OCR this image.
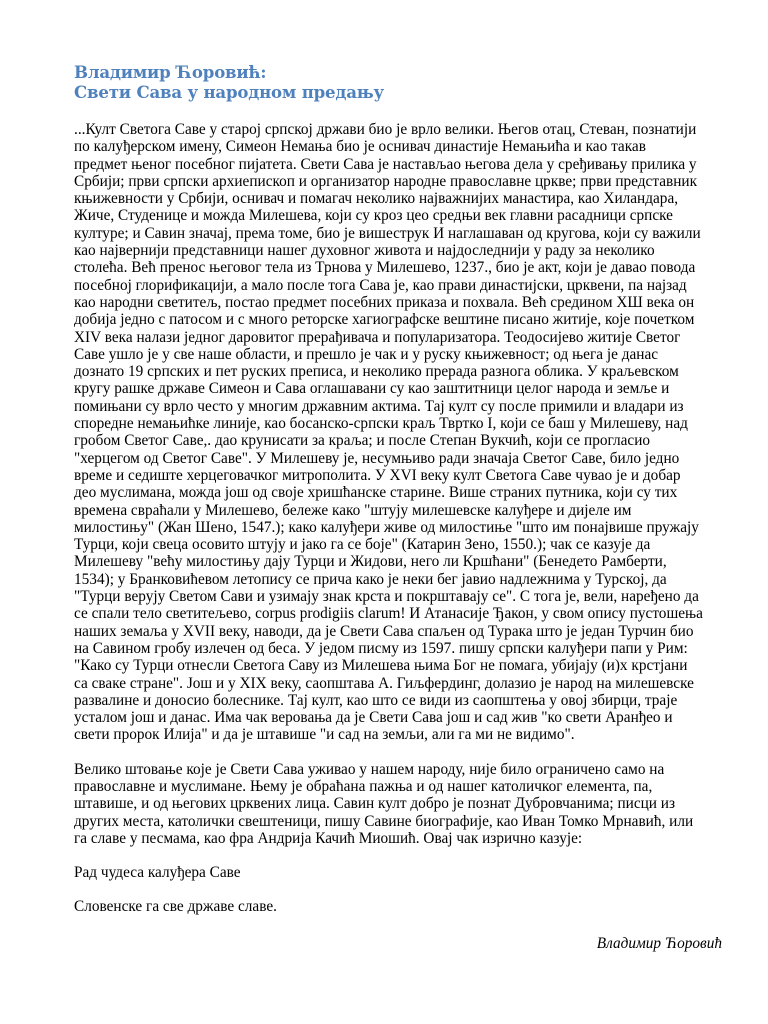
Владимир Ћоровић:
Свети Сава у народном предању

...Култ Светога Саве у старој српској држави био је врло велики. Његов отац, Стеван, познатији
по калуђерском имену, Симеон Немања био је оснивач династије Немањића и као такав
предмет њеног посебног пијатета. Свети Сава је настављао његова дела у сређивању прилика у
Србији; први српски архиепископ и организатор народне православне цркве; први представник
књижевности у Србији, оснивач и помагач неколико најважнијих манастира, као Хиландара,
Жиче, Студенице и можда Милешева, који су кроз цео средњи век главни расадници српске
културе; и Савин значај, према томе, био је вишеструк И наглашаван од кругова, који су важили
као највернији представници нашег духовног живота и најдоследнији у раду за неколико
столећа. Већ пренос његовог тела из Трнова у Милешево, 1237., био је акт, који је давао повода
посебној глорификацији, а мало после тога Сава је, као прави династијски, црквени, па најзад
као народни светитељ, постао предмет посебних приказа и похвала. Већ средином ХШ века он
добија једно с патосом и с много реторске хагиографске вештине писано житије, које почетком
XIV века налази једног даровитог прерађивача и популаризатора. Теодосијево житије Светог
Саве ушло је у све наше области, и прешло је чак и у руску књижевност; од њега је данас
дознато 19 српских и пет руских преписа, и неколико прерада разнога облика. У краљевском
кругу рашке државе Симеон и Сава оглашавани су као заштитници целог народа и земље и
помињани су врло често у многим државним актима. Тај култ су после примили и владари из
споредне немањићке линије, као босанско-српски краљ Твртко I, који се баш у Милешеву, над
гробом Светог Саве,. дао крунисати за краља; и после Степан Вукчић, који се прогласио
"херцегом од Светог Саве". У Милешеву је, несумњиво ради значаја Светог Саве, било једно
време и седиште херцеговачког митрополита. У XVI веку култ Светога Саве чувао је и добар
део муслимана, можда још од своје хришћанске старине. Више страних путника, који су тих
времена свраћали у Милешево, бележе како "штују милешевске калуђере и дијеле им
милостињу" (Жан Шено, 1547.); како калуђери живе од милостиње "што им понајвише пружају
Турци, који свеца осовито штују и јако га се боје" (Катарин Зено, 1550.); чак се казује да
Милешеву "већу милостињу дају Турци и Жидови, него ли Кршћани" (Бенедето Рамберти,
1534); у Бранковићевом летопису се прича како је неки бег јавио надлежнима у Турској, да
"Турци верују Светом Сави и узимају знак крста и покрштавају се". С тога је, вели, наређено да
се спали тело светитељево, corpus prodigiis clarum! И Атанасије Ђакон, у свом опису пустошења
наших земаља у XVII веку, наводи, да је Свети Сава спаљен од Турака што је један Турчин био
на Савином гробу излечен од беса. У једом писму из 1597. пишу српски калуђери папи у Рим:
"Како су Турци отнесли Светога Саву из Милешева њима Бог не помага, убијају (и)х крстјани
са сваке стране". Још и у XIX веку, саопштава А. Гиљфердинг, долазио је народ на милешевске
развалине и доносио болеснике. Тај култ, као што се види из саопштења у овој збирци, траје
усталом још и данас. Има чак веровања да је Свети Сава још и сад жив "ко свети Аранђео и
свети пророк Илија" и да је штавише "и сад на земљи, али га ми не видимо".

Велико штовање које је Свети Сава уживао у нашем народу, није било ограничено само на
православне и муслимане. Њему је обраћана пажња и од нашег католичког елемента, па,
штавише, и од његових црквених лица. Савин култ добро је познат Дубровчанима; писци из
других места, католички свештеници, пишу Савине биографије, као Иван Томко Мрнавић, или
га славе у песмама, као фра Андрија Качић Миошић. Овај чак изрично казује:

Рад чудеса калуђера Саве

Словенске га све државе славе.

Владимир Ћоровић
